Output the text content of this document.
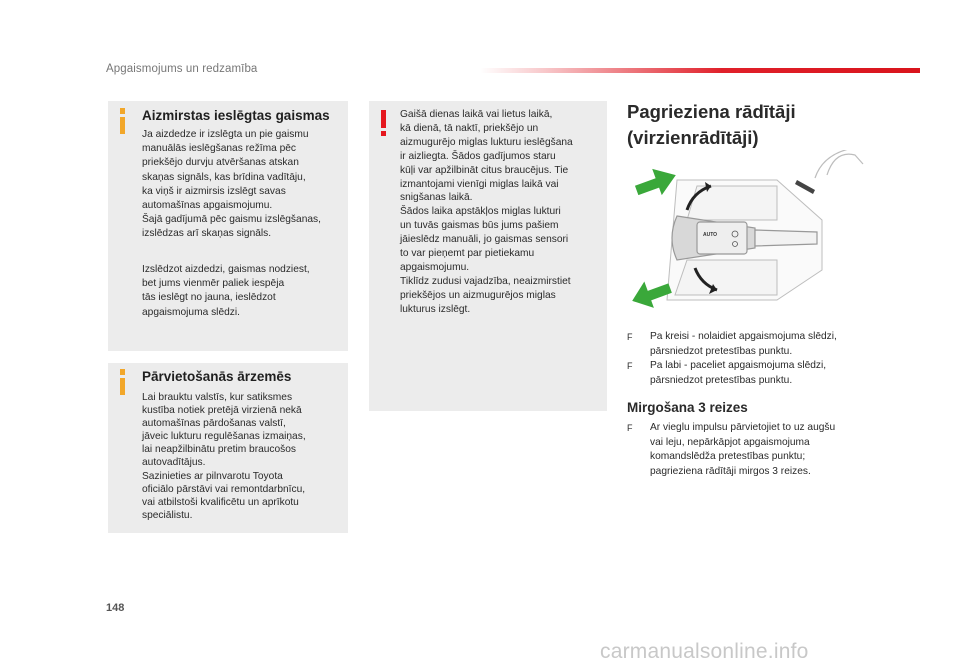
Apgaismojums un redzamība
Aizmirstas ieslēgtas gaismas
Ja aizdedze ir izslēgta un pie gaismu
manuālās ieslēgšanas režīma pēc
priekšējo durvju atvēršanas atskan
skaņas signāls, kas brīdina vadītāju,
ka viņš ir aizmirsis izslēgt savas
automašīnas apgaismojumu.
Šajā gadījumā pēc gaismu izslēgšanas,
izslēdzas arī skaņas signāls.
Izslēdzot aizdedzi, gaismas nodziest,
bet jums vienmēr paliek iespēja
tās ieslēgt no jauna, ieslēdzot
apgaismojuma slēdzi.
Pārvietošanās ārzemēs
Lai brauktu valstīs, kur satiksmes
kustība notiek pretējā virzienā nekā
automašīnas pārdošanas valstī,
jāveic lukturu regulēšanas izmaiņas,
lai neapžilbinātu pretim braucošos
autovadītājus.
Sazinieties ar pilnvarotu Toyota
oficiālo pārstāvi vai remontdarbnīcu,
vai atbilstoši kvalificētu un aprīkotu
speciālistu.
Gaišā dienas laikā vai lietus laikā,
kā dienā, tā naktī, priekšējo un
aizmugurējo miglas lukturu ieslēgšana
ir aizliegta. Šādos gadījumos staru
kūļi var apžilbināt citus braucējus. Tie
izmantojami vienīgi miglas laikā vai
snigšanas laikā.
Šādos laika apstākļos miglas lukturi
un tuvās gaismas būs jums pašiem
jāieslēdz manuāli, jo gaismas sensori
to var pieņemt par pietiekamu
apgaismojumu.
Tiklīdz zudusi vajadzība, neaizmirstiet
priekšējos un aizmugurējos miglas
lukturus izslēgt.
Pagrieziena rādītāji
(virzienrādītāji)
AUTO
F Pa kreisi - nolaidiet apgaismojuma slēdzi,
pārsniedzot pretestības punktu.
F Pa labi - paceliet apgaismojuma slēdzi,
pārsniedzot pretestības punktu.
Mirgošana 3 reizes
F Ar vieglu impulsu pārvietojiet to uz augšu
vai leju, nepārkāpjot apgaismojuma
komandslēdža pretestības punktu;
pagrieziena rādītāji mirgos 3 reizes.
148
carmanualsonline.info
